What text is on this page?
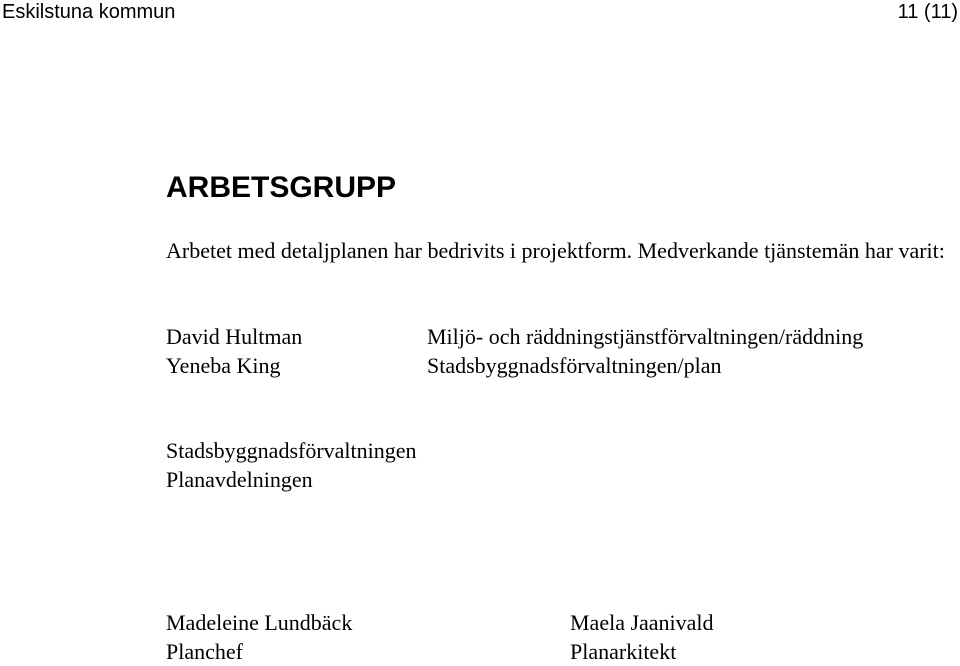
Eskilstuna kommun	11 (11)
ARBETSGRUPP
Arbetet med detaljplanen har bedrivits i projektform. Medverkande tjänstemän har varit:
David Hultman
Yeneba King
Miljö- och räddningstjänstförvaltningen/räddning
Stadsbyggnadsförvaltningen/plan
Stadsbyggnadsförvaltningen
Planavdelningen
Madeleine Lundbäck
Planchef
Maela Jaanivald
Planarkitekt
